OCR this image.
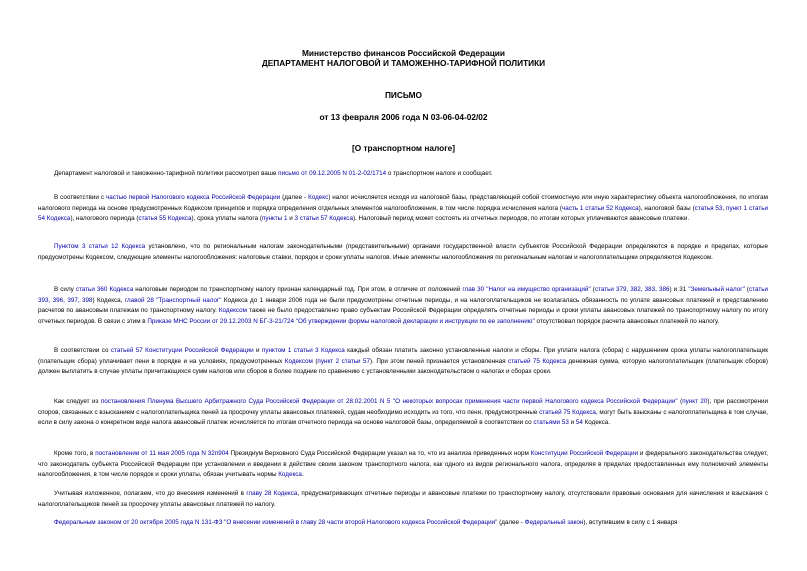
Министерство финансов Российской Федерации
ДЕПАРТАМЕНТ НАЛОГОВОЙ И ТАМОЖЕННО-ТАРИФНОЙ ПОЛИТИКИ
ПИСЬМО
от 13 февраля 2006 года N 03-06-04-02/02
[О транспортном налоге]

Департамент налоговой и таможенно-тарифной политики рассмотрел ваше письмо от 09.12.2005 N 01-2-02/1714 о транспортном налоге и сообщает.

В соответствии с частью первой Налогового кодекса Российской Федерации (далее - Кодекс) налог исчисляется исходя из налоговой базы, представляющей собой стоимостную или иную характеристику объекта налогообложения, по итогам налогового периода на основе предусмотренных Кодексом принципов и порядка определения отдельных элементов налогообложения, в том числе порядка исчисления налога (часть 1 статьи 52 Кодекса), налоговой базы (статья 53, пункт 1 статьи 54 Кодекса), налогового периода (статья 55 Кодекса), срока уплаты налога (пункты 1 и 3 статьи 57 Кодекса). Налоговый период может состоять из отчетных периодов, по итогам которых уплачиваются авансовые платежи.

Пунктом 3 статьи 12 Кодекса установлено, что по региональным налогам законодательными (представительными) органами государственной власти субъектов Российской Федерации определяются в порядке и пределах, которые предусмотрены Кодексом, следующие элементы налогообложения: налоговые ставки, порядок и сроки уплаты налогов. Иные элементы налогообложения по региональным налогам и налогоплательщики определяются Кодексом.

В силу статьи 360 Кодекса налоговым периодом по транспортному налогу признан календарный год. При этом, в отличие от положений глав 30 "Налог на имущество организаций" (статьи 379, 382, 383, 386) и 31 "Земельный налог" (статьи 393, 396, 397, 398) Кодекса, главой 28 "Транспортный налог" Кодекса до 1 января 2006 года не были предусмотрены отчетные периоды, и на налогоплательщиков не возлагалась обязанность по уплате авансовых платежей и представлению расчетов по авансовым платежам по транспортному налогу. Кодексом также не было предоставлено право субъектам Российской Федерации определять отчетные периоды и сроки уплаты авансовых платежей по транспортному налогу по итогу отчетных периодов. В связи с этим в Приказе МНС России от 29.12.2003 N БГ-3-21/724 "Об утверждении формы налоговой декларации и инструкции по ее заполнению" отсутствовал порядок расчета авансовых платежей по налогу.

В соответствии со статьей 57 Конституции Российской Федерации и пунктом 1 статьи 3 Кодекса каждый обязан платить законно установленные налоги и сборы. При уплате налога (сбора) с нарушением срока уплаты налогоплательщик (плательщик сбора) уплачивает пени в порядке и на условиях, предусмотренных Кодексом (пункт 2 статьи 57). При этом пеней признается установленная статьей 75 Кодекса денежная сумма, которую налогоплательщик (плательщик сборов) должен выплатить в случае уплаты причитающихся сумм налогов или сборов в более поздние по сравнению с установленными законодательством о налогах и сборах сроки.

Как следует из постановления Пленума Высшего Арбитражного Суда Российской Федерации от 28.02.2001 N 5 "О некоторых вопросах применения части первой Налогового кодекса Российской Федерации" (пункт 20), при рассмотрении споров, связанных с взысканием с налогоплательщика пеней за просрочку уплаты авансовых платежей, судам необходимо исходить из того, что пени, предусмотренные статьей 75 Кодекса, могут быть взысканы с налогоплательщика в том случае, если в силу закона о конкретном виде налога авансовый платеж исчисляется по итогам отчетного периода на основе налоговой базы, определяемой в соответствии со статьями 53 и 54 Кодекса.

Кроме того, в постановлении от 11 мая 2005 года N 32п904 Президиум Верховного Суда Российской Федерации указал на то, что из анализа приведенных норм Конституции Российской Федерации и федерального законодательства следует, что законодатель субъекта Российской Федерации при установлении и введении в действие своим законом транспортного налога, как одного из видов регионального налога, определяя в пределах предоставленных ему полномочий элементы налогообложения, в том числе порядок и сроки уплаты, обязан учитывать нормы Кодекса.

Учитывая изложенное, полагаем, что до внесения изменений в главу 28 Кодекса, предусматривающих отчетные периоды и авансовые платежи по транспортному налогу, отсутствовали правовые основания для начисления и взыскания с налогоплательщиков пеней за просрочку уплаты авансовых платежей по налогу.

Федеральным законом от 20 октября 2005 года N 131-ФЗ "О внесении изменений в главу 28 части второй Налогового кодекса Российской Федерации" (далее - Федеральный закон), вступившим в силу с 1 января
